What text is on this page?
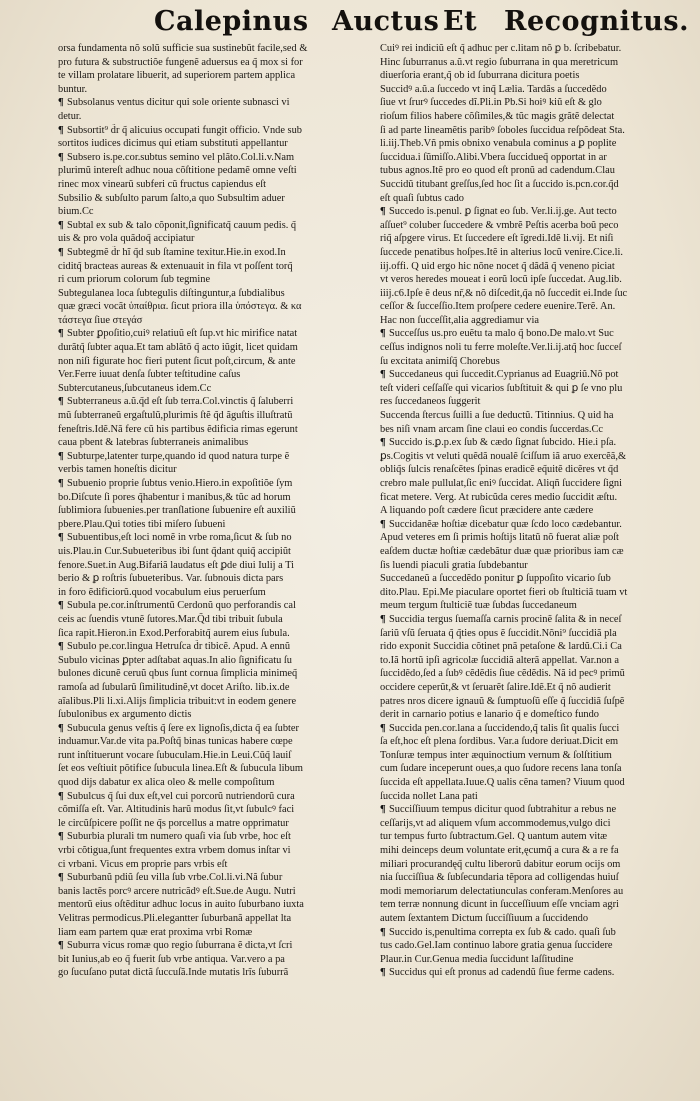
Calepinus Auctus Et Recognitus.
orsa fundamenta nõ solũ sufficie sua sustinebũt facile,sed &
pro futura & substructiõe fungenẽ aduersus ea q̃ mox si for
te villam prolatare libuerit, ad superiorem partem applica
buntur.
¶ Subsolanus ventus dicitur qui sole oriente subnasci vi
detur.
¶ Subsortit⁹ d̃r q̃ alicuius occupati fungit officio. Vnde sub
sortitos iudices dicimus qui etiam substituti appellantur
¶ Subsero is.pe.cor.subtus semino vel plãto.Col.li.v.Nam
plurimũ intereſt adhuc noua cõſtitione pedamẽ omne veſti
rinec mox vinearũ subferi cũ fructus capiendus eſt
Subsilio & subſulto parum ſalto,a quo Subsultim aduer
bium.Cc
¶ Subtal ex sub & talo cõponit,ſignificatq̃ cauum pedis. q̃
uis & pro vola quãdoq̃ accipiatur
¶ Subtegmẽ d̃r hĩ q̃d sub ſtamine texitur.Hie.in exod.In
ciditq̃ bracteas aureas & extenuauit in fila vt poſſent torq̃
ri cum priorum colorum ſub tegmine
Subtegulanea loca ſubtegulis diſtinguntur,a ſubdialibus
quæ græci vocãt ὑπαίθρια. ſicut priora illa ὑπόστεγα. & κα
τάστεγα ſiue στεγάσ
¶ Subter ꝑpoſitio,cuiꝰ relatiuũ eſt ſup.vt hic mirifice natat
durãtq̃ ſubter aqua.Et tam ablãtõ q̃ acto iũgit, licet quidam
non niſi figurate hoc fieri putent ſicut poſt,circum, & ante
Ver.Ferre iuuat denſa ſubter teſtitudine caſus
Subtercutaneus,ſubcutaneus idem.Cc
¶ Subterraneus a.ũ.q̃d eſt ſub terra.Col.vinctis q̃ ſaluberri
mũ ſubterraneũ ergaſtulũ,plurimis ſtẽ q̃d ãguſtis illuſtratũ
feneſtris.Idẽ.Nã fere cũ his partibus ẽdificia rimas egerunt
caua pbent & latebras ſubterraneis animalibus
¶ Subturpe,latenter turpe,quando id quod natura turpe ẽ
verbis tamen honeſtis dicitur
¶ Subuenio proprie ſubtus venio.Hiero.in expoſitiõe ſym
bo.Diſcute ſi pores q̃habentur i manibus,& tũc ad horum
ſublimiora ſubuenies.per tranſlatione ſubuenire eſt auxiliũ
pbere.Plau.Qui toties tibi miſero ſubueni
¶ Subuentibus,eſt loci nomẽ in vrbe roma,ſicut & ſub no
uis.Plau.in Cur.Subueteribus ibi ſunt q̃dant quiq̃ accipiũt
fenore.Suet.in Aug.Bifariã laudatus eſt ꝑde diui Iulij a Ti
berio & ꝑ roſtris ſubueteribus. Var. ſubnouis dicta pars
in foro ẽdificiorũ.quod vocabulum eius peruerſum
¶ Subula pe.cor.inſtrumentũ Cerdonũ quo perforandis cal
ceis ac ſuendis vtunẽ ſutores.Mar.Q̃d tibi tribuit ſubula
ſica rapit.Hieron.in Exod.Perforabitq̃ aurem eius ſubula.
¶ Subulo pe.cor.lingua Hetruſca d̃r tibicẽ. Apud. A ennũ
Subulo vicinas ꝑpter adſtabat aquas.In alio ſignificatu ſu
bulones dicunẽ ceruũ qbus ſunt cornua ſimplicia minimeq̃
ramoſa ad ſubularũ ſimilitudinẽ,vt docet Ariſto. lib.ix.de
aĩalibus.Pli li.xi.Alijs ſimplicia tribuit:vt in eodem genere
ſubulonibus ex argumento dictis
¶ Subucula genus veſtis q̃ ſere ex lignoſis,dicta q̃ ea ſubter
induamur.Var.de vita pa.Poſtq̃ binas tunicas habere cœpe
runt inſtituerunt vocare ſubuculam.Hie.in Leui.Cũq̃ lauiſ
ſet eos veſtiuit põtifice ſubucula linea.Eſt & ſubucula libum
quod dijs dabatur ex alica oleo & melle compoſitum
¶ Subulcus q̃ ſui dux eſt,vel cui porcorũ nutriendorũ cura
cõmiſſa eſt. Var. Altitudinis harũ modus ſit,vt ſubulcꝰ faci
le circũſpicere poſſit ne q̃s porcellus a matre opprimatur
¶ Suburbia plurali tm numero quaſi via ſub vrbe, hoc eſt
vrbi cõtigua,ſunt frequentes extra vrbem domus inſtar vi
ci vrbani. Vicus em proprie pars vrbis eſt
¶ Suburbanũ pdiũ ſeu villa ſub vrbe.Col.li.vi.Nã ſubur
banis lactẽs porcꝰ arcere nutricãdꝰ eſt.Sue.de Augu. Nutri
mentorũ eius oſtẽditur adhuc locus in auito ſuburbano iuxta
Velitras permodicus.Pli.elegantter ſuburbanã appellat lta
liam eam partem quæ erat proxima vrbi Romæ
¶ Suburra vicus romæ quo regio ſuburrana ẽ dicta,vt ſcri
bit Iunius,ab eo q̃ fuerit ſub vrbe antiqua. Var.vero a pa
go ſucuſano putat dictã ſuccuſã.Inde mutatis lrĩs ſuburrã
Cuiꝰ rei indiciũ eſt q̃ adhuc per c.litam nõ ꝑ b. ſcribebatur.
Hinc ſuburranus a.ũ.vt regio ſuburrana in qua meretricum
diuerſoria erant,q̃ ob id ſuburrana dicitura poetis
Succidꝰ a.ũ.a ſuccedo vt inq̃ Lælia. Tardãs a ſuccedẽdo
ſiue vt ſrurꝰ ſuccedes dĩ.Pli.in Pb.Si hoiꝰ kiũ eſt & glo
rioſum filios habere cõſimiles,& tũc magis grãtẽ delectat
ſi ad parte lineamẽtis paribꝰ ſoboles ſuccidua reſpõdeat Sta.
li.iij.Theb.Vñ pmis obnixo venabula cominus a ꝑ poplite
ſuccidua.i ſũmiſſo.Alibi.Vbera ſuccidueq̃ opportat in ar
tubus agnos.Itẽ pro eo quod eſt pronũ ad cadendum.Clau
Succidũ titubant greſſus,ſed hoc ſit a ſuccido is.pcn.cor.q̃d
eſt quaſi ſubtus cado
¶ Succedo is.penul. ꝑ ſignat eo ſub. Ver.li.ij.ge. Aut tecto
aſſuet⁹ coluber ſuccedere & vmbrẽ Peſtis acerba boũ peco
riq̃ aſpgere virus. Et ſuccedere eſt ĩgredi.Idẽ li.vij. Et niſi
ſuccede penatibus hoſpes.Itẽ in alterius locũ venire.Cice.li.
iij.offi. Q uid ergo hic nõne nocet q̃ dãdã q̃ veneno piciat
vt veros heredes moueat i eorũ locũ ipſe ſuccedat. Aug.lib.
iiij.c6.Ipſe ẽ deus nr̃,& nõ diſcedit,q̃a nõ ſuccedit ei.Inde ſuc
ceſſor & ſucceſſio.Item proſpere cedere euenire.Terẽ. An.
Hac non ſucceſſit,alia aggrediamur via
¶ Succeſſus us.pro euẽtu ta malo q̃ bono.De malo.vt Suc
ceſſus indignos noli tu ferre moleſte.Ver.li.ij.atq̃ hoc ſucceſ
ſu excitata animiſq̃ Chorebus
¶ Succedaneus qui ſuccedit.Cyprianus ad Euagriũ.Nõ pot
teſt videri ceſſaſſe qui vicarios ſubſtituit & qui ꝑ ſe vno plu
res ſuccedaneos ſuggerit
Succenda ſtercus ſuilli a ſue deductũ. Titinnius. Q uid ha
bes niſi vnam arcam ſine claui eo condis ſuccerdas.Cc
¶ Succido is.ꝑ.p.ex ſub & cædo ſignat ſubcido. Hie.i pſa.
ꝑs.Cogitis vt veluti quẽdã noualẽ ſciſſum iã aruo exercẽã,&
obliq̃s ſulcis renaſcẽtes ſpinas eradicẽ eq̃uitẽ dicẽres vt q̃d
crebro male pullulat,ſic eniꝰ ſuccidat. Aliqñ ſuccidere ſigni
ficat metere. Verg. At rubicũda ceres medio ſuccidit æſtu.
A liquando poſt cædere ſicut præcidere ante cædere
¶ Succidanẽæ hoſtiæ dicebatur quæ ſcdo loco cædebantur.
Apud veteres em ſi primis hoſtijs litatũ nõ fuerat aliæ poſt
eaſdem ductæ hoſtiæ cædebãtur duæ quæ prioribus iam cæ
ſis luendi piaculi gratia ſubdebantur
Succedaneũ a ſuccedẽdo ponitur ꝑ ſuppoſito vicario ſub
dito.Plau. Epi.Me piaculare oportet fieri ob ſtulticiã tuam vt
meum tergum ſtulticiẽ tuæ ſubdas ſuccedaneum
¶ Succidia tergus ſuemaſſa carnis procinẽ ſalita & in neceſ
ſariũ vſũ ſeruata q̃ q̃ties opus ẽ ſuccidit.Nõni⁹ ſuccidiã pla
rido exponit Succidia cõtinet pnã petaſone & lardũ.Ci.i Ca
to.Iã hortũ ipſi agricolæ ſuccidiã alterã appellat. Var.non a
ſuccidẽdo,ſed a ſubꝰ cẽdẽdis ſiue cẽdẽdis. Nã id pecꝰ primũ
occidere ceperũt,& vt ſeruarẽt ſalire.Idẽ.Et q̃ nõ audierit
patres nros dicere ignauũ & ſumptuoſũ eſſe q̃ ſuccidiã ſuſpẽ
derit in carnario potius e lanario q̃ e domeſtico fundo
¶ Succida pen.cor.lana a ſuccidendo,q̃ talis ſit qualis ſucci
ſa eſt,hoc eſt plena ſordibus. Var.a ſudore deriuat.Dicit em
Tonſuræ tempus inter æquinoctium vernum & ſolſtitium
cum ſudare inceperunt oues,a quo ſudore recens lana tonſa
ſuccida eſt appellata.Iuue.Q ualis cẽna tamen? Viuum quod
ſuccida nollet Lana pati
¶ Succiſſiuum tempus dicitur quod ſubtrahitur a rebus ne
ceſſarijs,vt ad aliquem vſum accommodemus,vulgo dici
tur tempus furto ſubtractum.Gel. Q uantum autem vitæ
mihi deinceps deum voluntate erit,ęcumq̃ a cura & a re fa
miliari procurandęq̃ cultu liberorũ dabitur eorum ocijs om
nia ſucciſſiua & ſubſecundaria tẽpora ad colligendas huiuſ
modi memoriarum delectatiunculas conferam.Menſores au
tem terræ nonnung dicunt in ſucceſſiuum eſſe vnciam agri
autem ſextantem Dictum ſucciſſiuum a ſuccidendo
¶ Succido is,penultima correpta ex ſub & cado. quaſi ſub
tus cado.Gel.Iam continuo labore gratia genua ſuccidere
Plaur.in Cur.Genua media ſuccidunt laſſitudine
¶ Succidus qui eſt pronus ad cadendũ ſiue ferme cadens.
